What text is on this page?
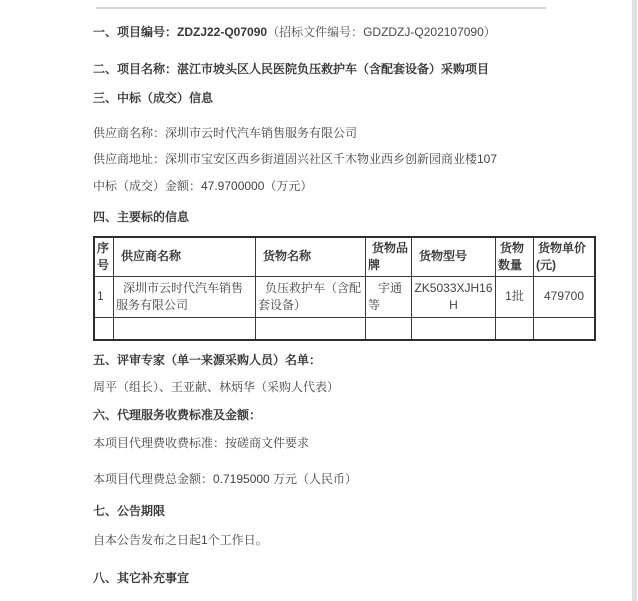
一、项目编号：ZDZJ22-Q07090（招标文件编号：GDZDZJ-Q202107090）
二、项目名称：湛江市坡头区人民医院负压救护车（含配套设备）采购项目
三、中标（成交）信息

供应商名称：深圳市云时代汽车销售服务有限公司

供应商地址：深圳市宝安区西乡街道固兴社区千木物业西乡创新园商业楼107

中标（成交）金额：47.9700000（万元）

四、主要标的信息
序号	供应商名称	货物名称	货物品牌	货物型号	货物数量	货物单价(元)
1	深圳市云时代汽车销售服务有限公司	负压救护车（含配套设备）	宇通等	ZK5033XJH16H	1批	479700

五、评审专家（单一来源采购人员）名单：

周平（组长）、王亚献、林炳华（采购人代表）

六、代理服务收费标准及金额：

本项目代理费收费标准：按磋商文件要求

本项目代理费总金额：0.7195000 万元（人民币）

七、公告期限

自本公告发布之日起1个工作日。

八、其它补充事宜
